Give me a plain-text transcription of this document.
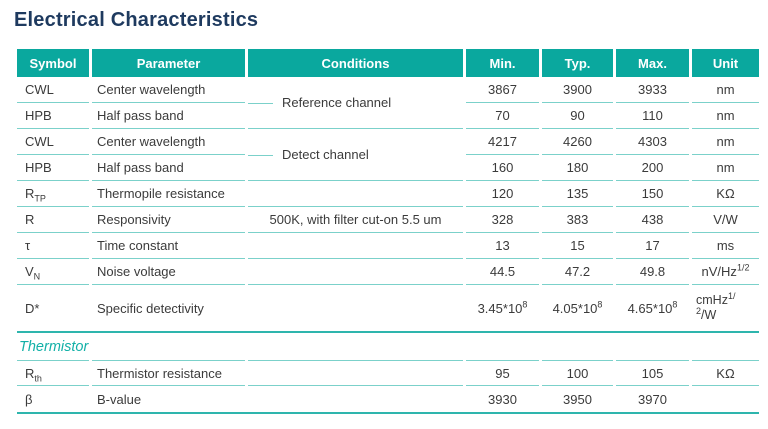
Electrical Characteristics
Symbol	Parameter	Conditions	Min.	Typ.	Max.	Unit
CWL	Center wavelength	Reference channel	3867	3900	3933	nm
HPB	Half pass band		70	90	110	nm
CWL	Center wavelength	Detect channel	4217	4260	4303	nm
HPB	Half pass band		160	180	200	nm
$R_{TP}$	Thermopile resistance		120	135	150	KΩ
R	Responsivity	500K, with filter cut-on 5.5 um	328	383	438	V/W
τ	Time constant		13	15	17	ms
$V_N$	Noise voltage		44.5	47.2	49.8	$nV/Hz^{1/2}$
D*	Specific detectivity		$3.45*10^8$	$4.05*10^8$	$4.65*10^8$	cmHz$^{1/}$
$^2$/W
Thermistor						
$R_{th}$	Thermistor resistance		95	100	105	KΩ
β	B-value		3930	3950	3970	
